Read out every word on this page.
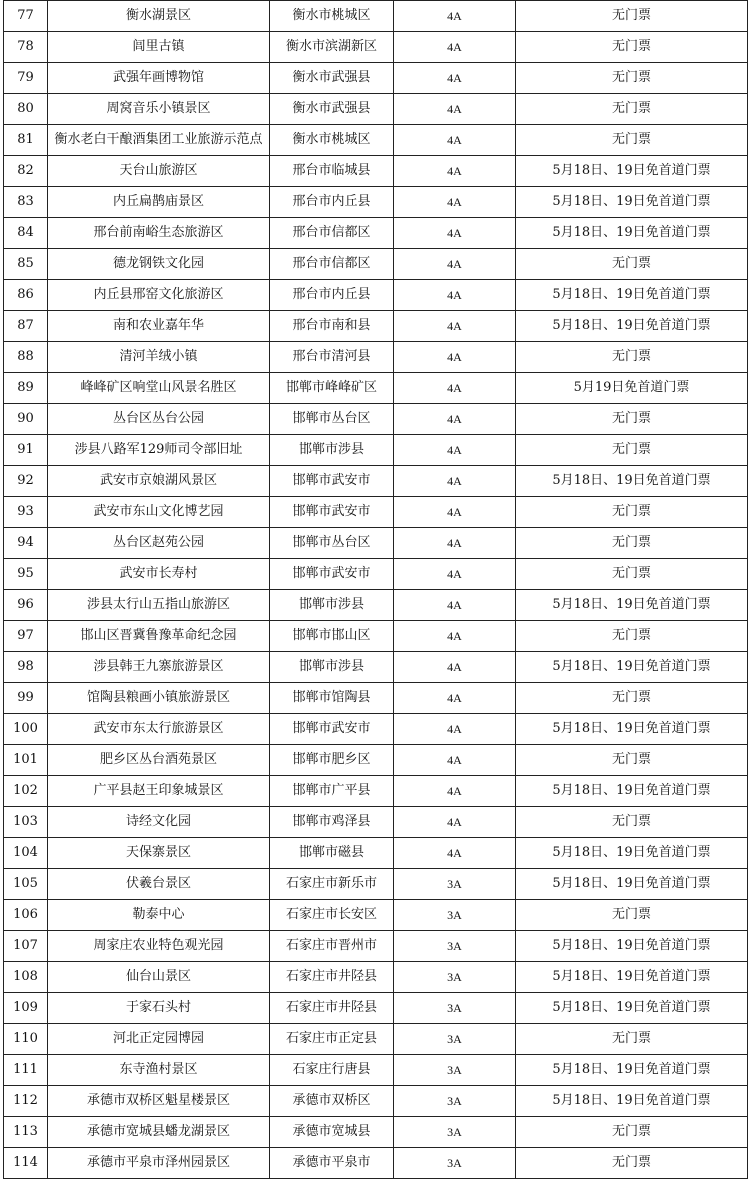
77	衡水湖景区	衡水市桃城区	4A	无门票
78	闾里古镇	衡水市滨湖新区	4A	无门票
79	武强年画博物馆	衡水市武强县	4A	无门票
80	周窝音乐小镇景区	衡水市武强县	4A	无门票
81	衡水老白干酿酒集团工业旅游示范点	衡水市桃城区	4A	无门票
82	天台山旅游区	邢台市临城县	4A	5月18日、19日免首道门票
83	内丘扁鹊庙景区	邢台市内丘县	4A	5月18日、19日免首道门票
84	邢台前南峪生态旅游区	邢台市信都区	4A	5月18日、19日免首道门票
85	德龙钢铁文化园	邢台市信都区	4A	无门票
86	内丘县邢窑文化旅游区	邢台市内丘县	4A	5月18日、19日免首道门票
87	南和农业嘉年华	邢台市南和县	4A	5月18日、19日免首道门票
88	清河羊绒小镇	邢台市清河县	4A	无门票
89	峰峰矿区响堂山风景名胜区	邯郸市峰峰矿区	4A	5月19日免首道门票
90	丛台区丛台公园	邯郸市丛台区	4A	无门票
91	涉县八路军129师司令部旧址	邯郸市涉县	4A	无门票
92	武安市京娘湖风景区	邯郸市武安市	4A	5月18日、19日免首道门票
93	武安市东山文化博艺园	邯郸市武安市	4A	无门票
94	丛台区赵苑公园	邯郸市丛台区	4A	无门票
95	武安市长寿村	邯郸市武安市	4A	无门票
96	涉县太行山五指山旅游区	邯郸市涉县	4A	5月18日、19日免首道门票
97	邯山区晋冀鲁豫革命纪念园	邯郸市邯山区	4A	无门票
98	涉县韩王九寨旅游景区	邯郸市涉县	4A	5月18日、19日免首道门票
99	馆陶县粮画小镇旅游景区	邯郸市馆陶县	4A	无门票
100	武安市东太行旅游景区	邯郸市武安市	4A	5月18日、19日免首道门票
101	肥乡区丛台酒苑景区	邯郸市肥乡区	4A	无门票
102	广平县赵王印象城景区	邯郸市广平县	4A	5月18日、19日免首道门票
103	诗经文化园	邯郸市鸡泽县	4A	无门票
104	天保寨景区	邯郸市磁县	4A	5月18日、19日免首道门票
105	伏羲台景区	石家庄市新乐市	3A	5月18日、19日免首道门票
106	勒泰中心	石家庄市长安区	3A	无门票
107	周家庄农业特色观光园	石家庄市晋州市	3A	5月18日、19日免首道门票
108	仙台山景区	石家庄市井陉县	3A	5月18日、19日免首道门票
109	于家石头村	石家庄市井陉县	3A	5月18日、19日免首道门票
110	河北正定园博园	石家庄市正定县	3A	无门票
111	东寺渔村景区	石家庄行唐县	3A	5月18日、19日免首道门票
112	承德市双桥区魁星楼景区	承德市双桥区	3A	5月18日、19日免首道门票
113	承德市宽城县蟠龙湖景区	承德市宽城县	3A	无门票
114	承德市平泉市泽州园景区	承德市平泉市	3A	无门票
